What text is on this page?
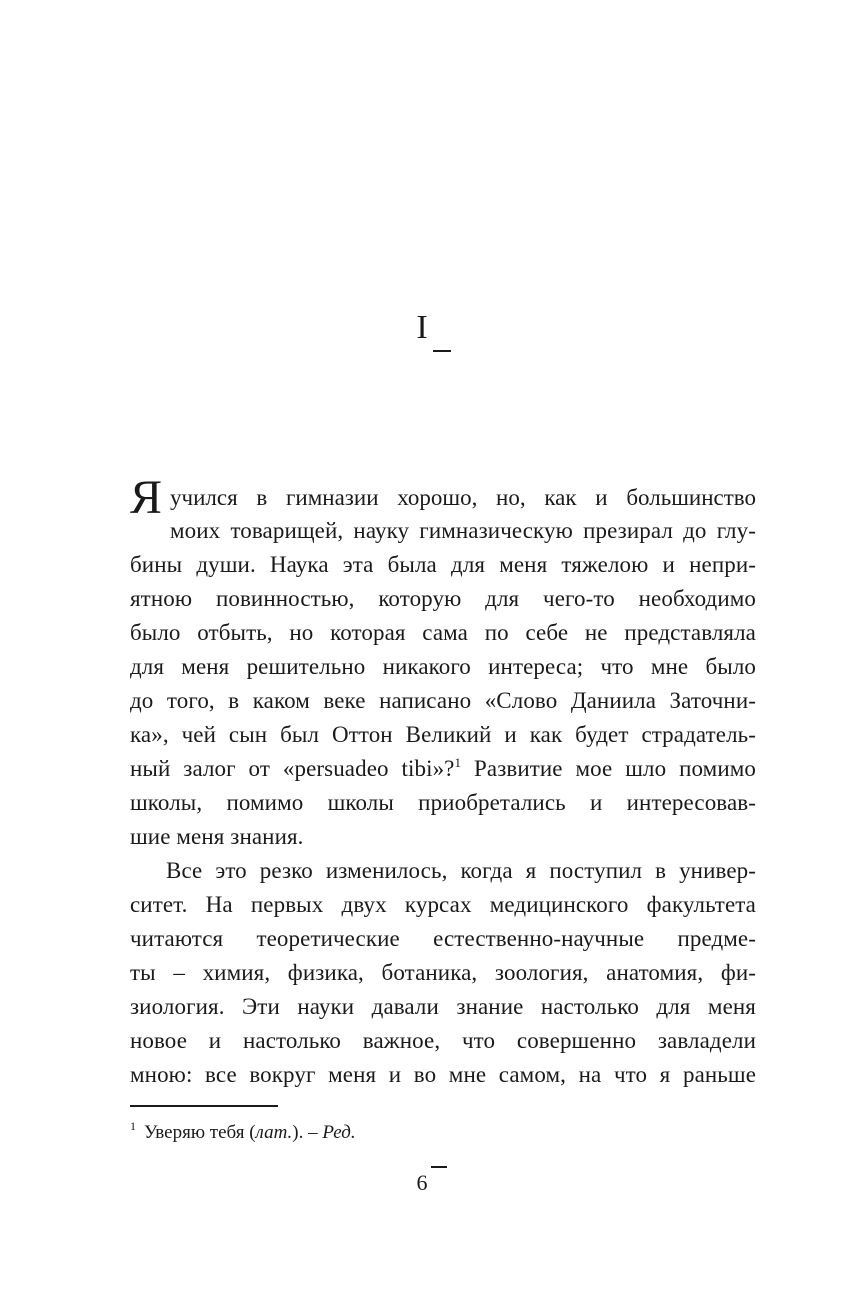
I
Я учился в гимназии хорошо, но, как и большинство
моих товарищей, науку гимназическую презирал до глу-
бины души. Наука эта была для меня тяжелою и непри-
ятною повинностью, которую для чего-то необходимо
было отбыть, но которая сама по себе не представляла
для меня решительно никакого интереса; что мне было
до того, в каком веке написано «Слово Даниила Заточни-
ка», чей сын был Оттон Великий и как будет страдатель-
ный залог от «persuadeo tibi»?$^1$ Развитие мое шло помимо
школы, помимо школы приобретались и интересовав-
шие меня знания.
Все это резко изменилось, когда я поступил в универ-
ситет. На первых двух курсах медицинского факультета
читаются теоретические естественно-научные предме-
ты – химия, физика, ботаника, зоология, анатомия, фи-
зиология. Эти науки давали знание настолько для меня
новое и настолько важное, что совершенно завладели
мною: все вокруг меня и во мне самом, на что я раньше
$^1$ Уверяю тебя (лат.). – Ред.
6
